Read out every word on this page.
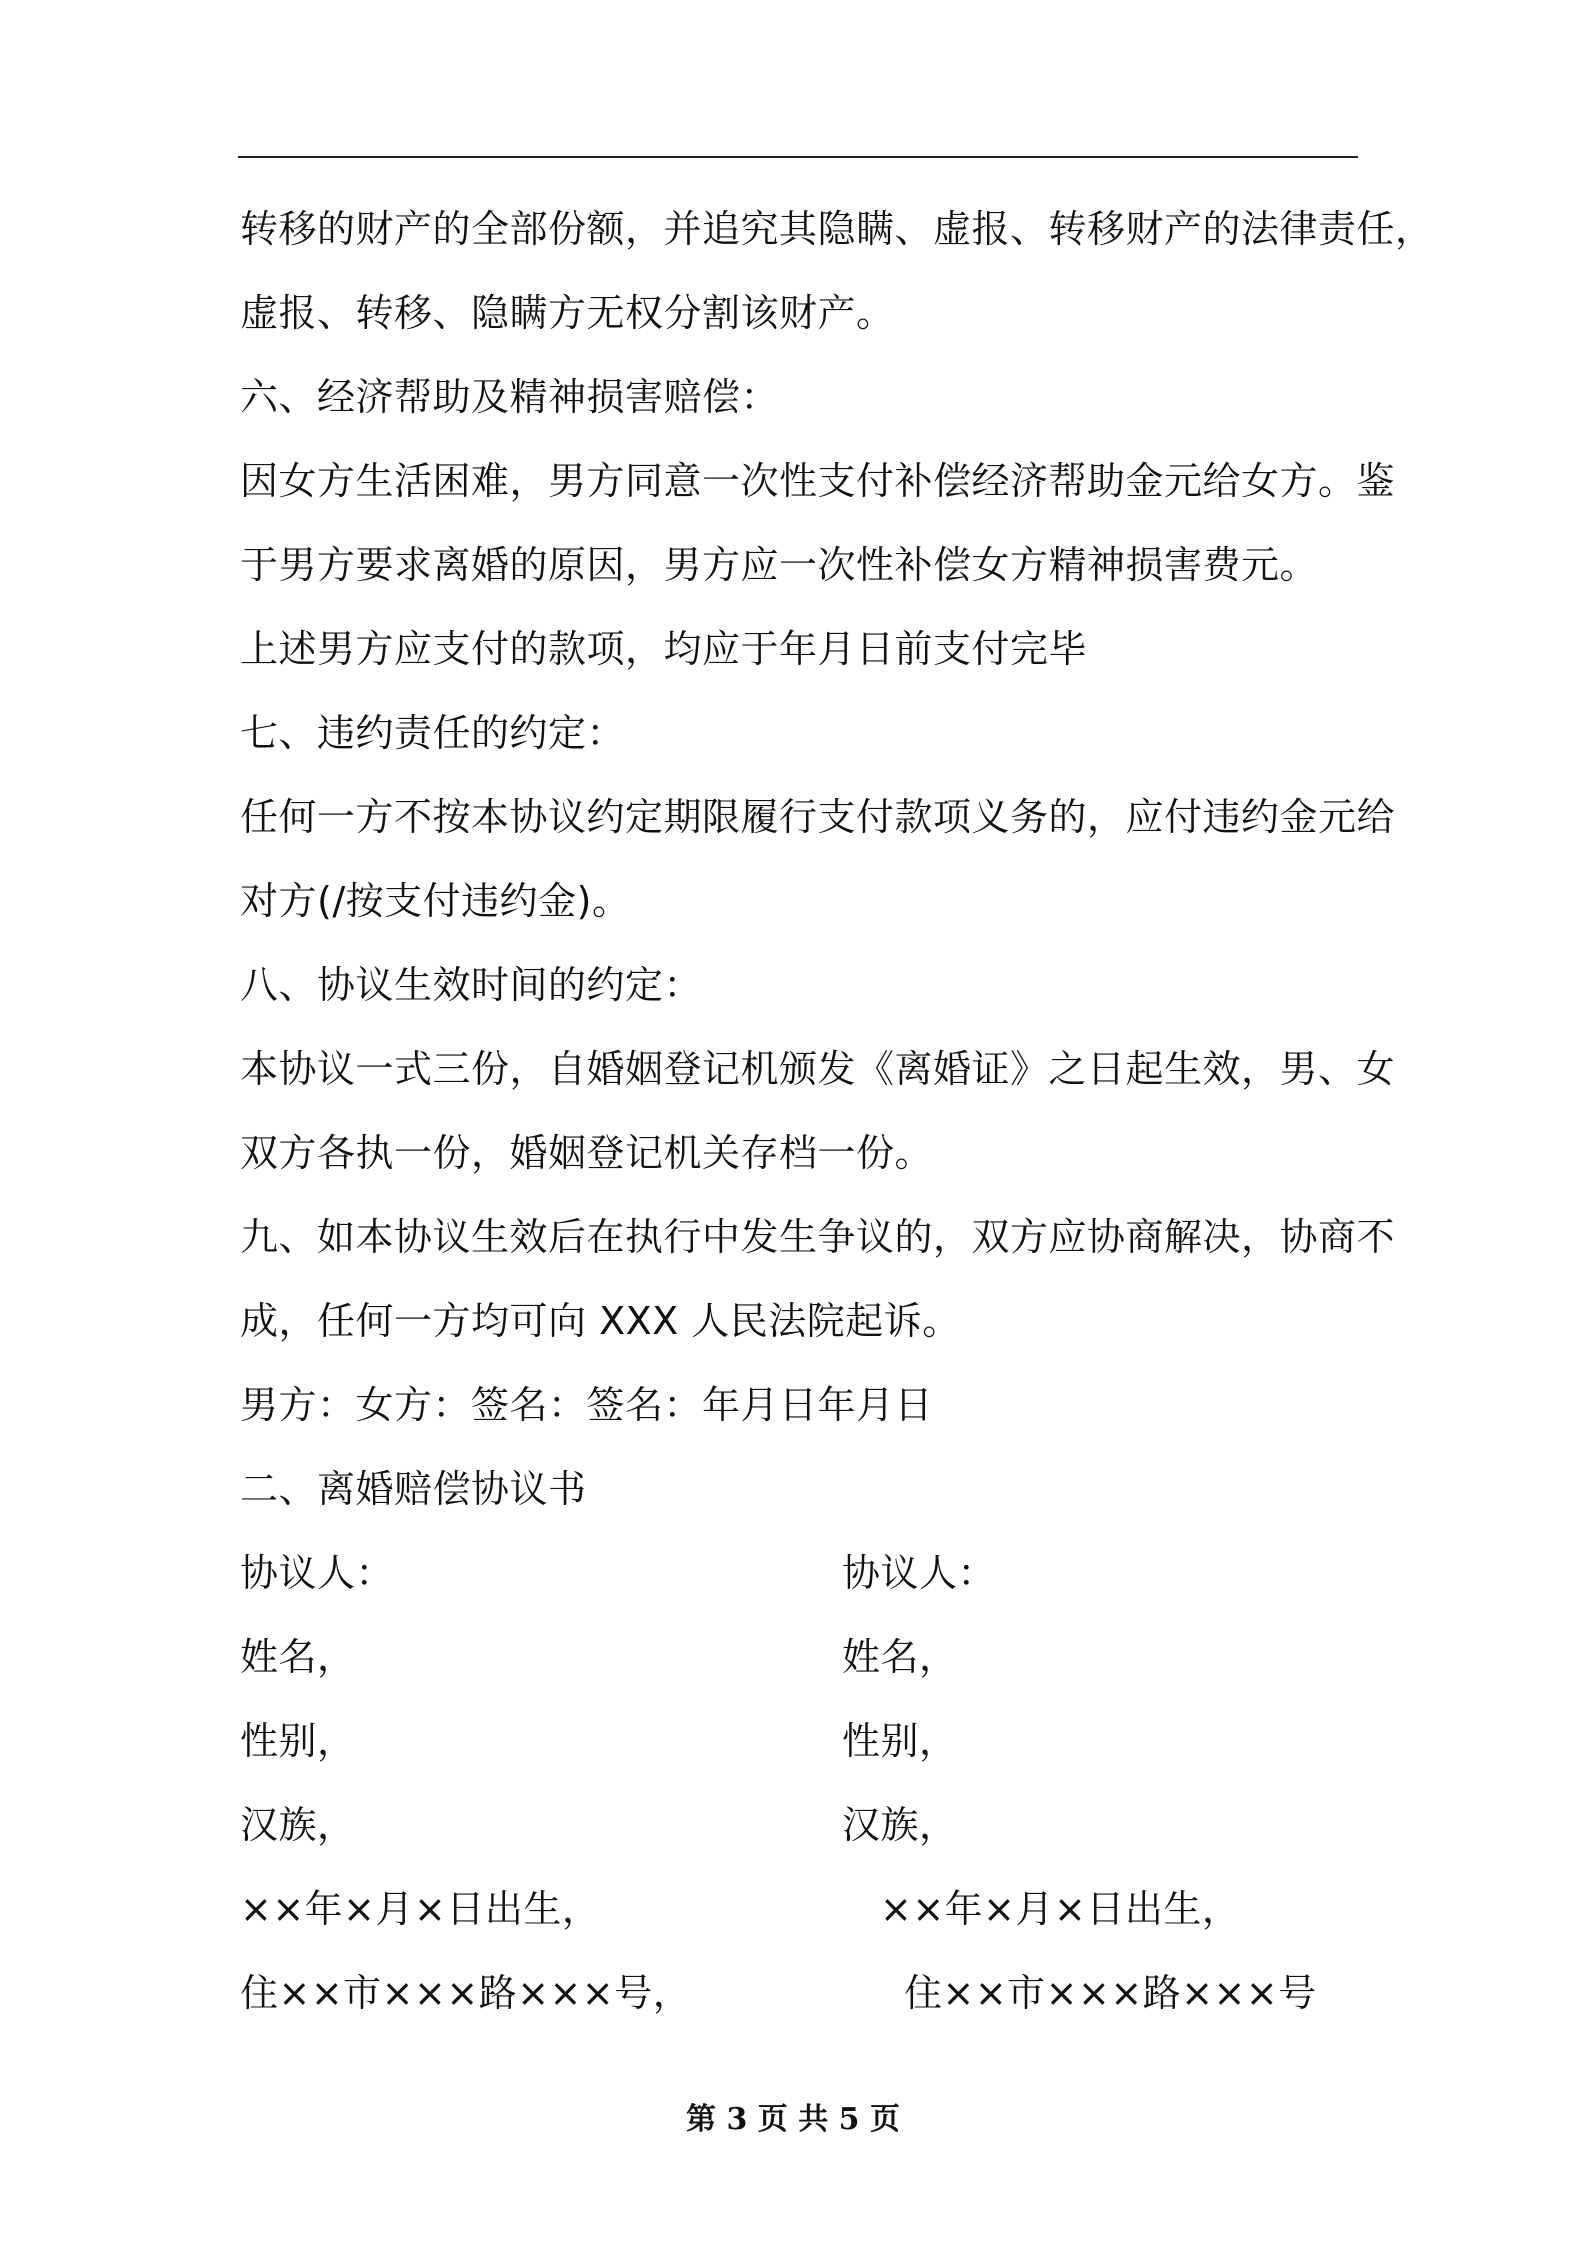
转移的财产的全部份额，并追究其隐瞒、虚报、转移财产的法律责任，
虚报、转移、隐瞒方无权分割该财产。
六、经济帮助及精神损害赔偿：
因女方生活困难，男方同意一次性支付补偿经济帮助金元给女方。鉴
于男方要求离婚的原因，男方应一次性补偿女方精神损害费元。
上述男方应支付的款项，均应于年月日前支付完毕
七、违约责任的约定：
任何一方不按本协议约定期限履行支付款项义务的，应付违约金元给
对方(/按支付违约金)。
八、协议生效时间的约定：
本协议一式三份，自婚姻登记机颁发《离婚证》之日起生效，男、女
双方各执一份，婚姻登记机关存档一份。
九、如本协议生效后在执行中发生争议的，双方应协商解决，协商不
成，任何一方均可向 XXX 人民法院起诉。
男方：女方：签名：签名：年月日年月日
二、离婚赔偿协议书
协议人：	协议人：
姓名，	姓名，
性别，	性别，
汉族，	汉族，
××年×月×日出生，	××年×月×日出生，
住××市×××路×××号，	住××市×××路×××号
第 3 页 共 5 页
